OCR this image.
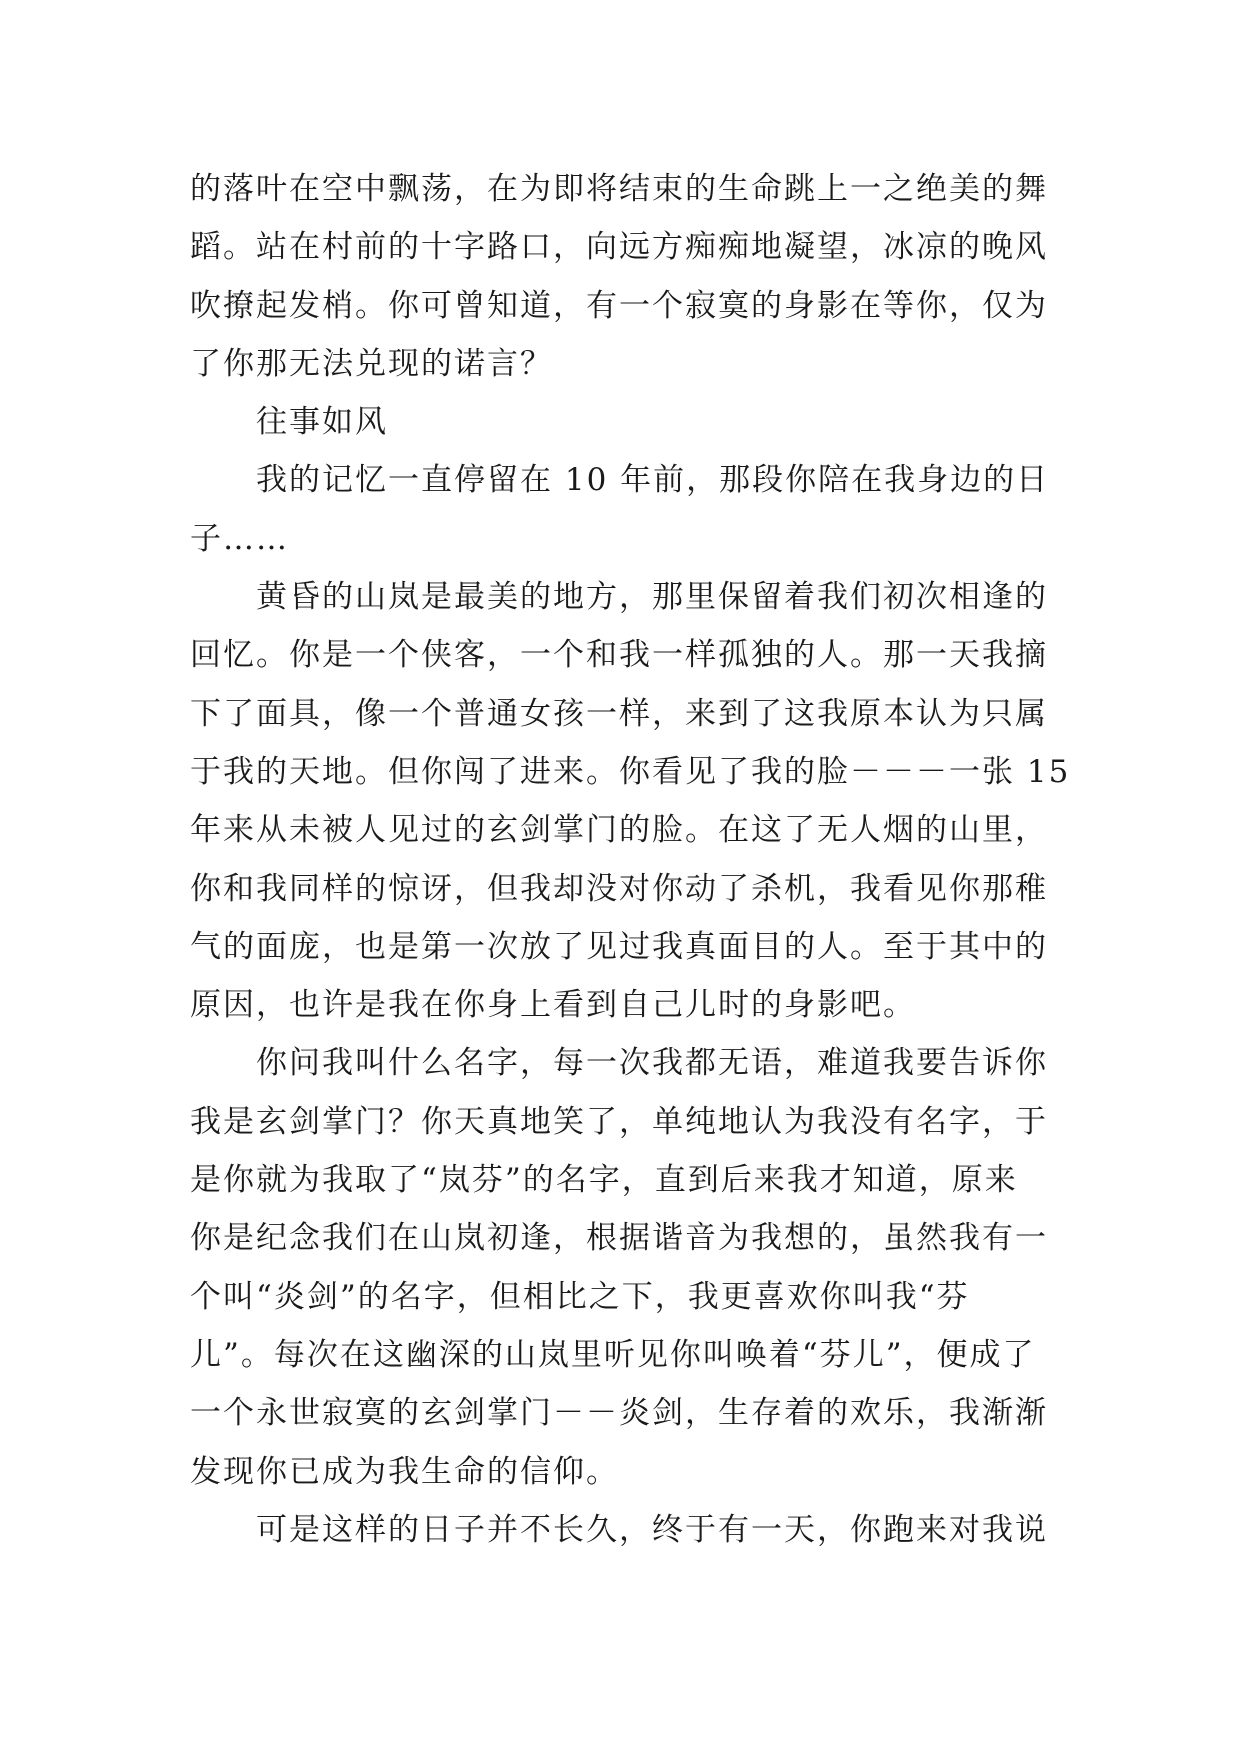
的落叶在空中飘荡，在为即将结束的生命跳上一之绝美的舞
蹈。站在村前的十字路口，向远方痴痴地凝望，冰凉的晚风
吹撩起发梢。你可曾知道，有一个寂寞的身影在等你，仅为
了你那无法兑现的诺言？
往事如风
我的记忆一直停留在 10 年前，那段你陪在我身边的日
子……
黄昏的山岚是最美的地方，那里保留着我们初次相逢的
回忆。你是一个侠客，一个和我一样孤独的人。那一天我摘
下了面具，像一个普通女孩一样，来到了这我原本认为只属
于我的天地。但你闯了进来。你看见了我的脸－－－一张 15
年来从未被人见过的玄剑掌门的脸。在这了无人烟的山里，
你和我同样的惊讶，但我却没对你动了杀机，我看见你那稚
气的面庞，也是第一次放了见过我真面目的人。至于其中的
原因，也许是我在你身上看到自己儿时的身影吧。
你问我叫什么名字，每一次我都无语，难道我要告诉你
我是玄剑掌门？你天真地笑了，单纯地认为我没有名字，于
是你就为我取了“岚芬”的名字，直到后来我才知道，原来
你是纪念我们在山岚初逢，根据谐音为我想的，虽然我有一
个叫“炎剑”的名字，但相比之下，我更喜欢你叫我“芬
儿”。每次在这幽深的山岚里听见你叫唤着“芬儿”，便成了
一个永世寂寞的玄剑掌门－－炎剑，生存着的欢乐，我渐渐
发现你已成为我生命的信仰。
可是这样的日子并不长久，终于有一天，你跑来对我说
